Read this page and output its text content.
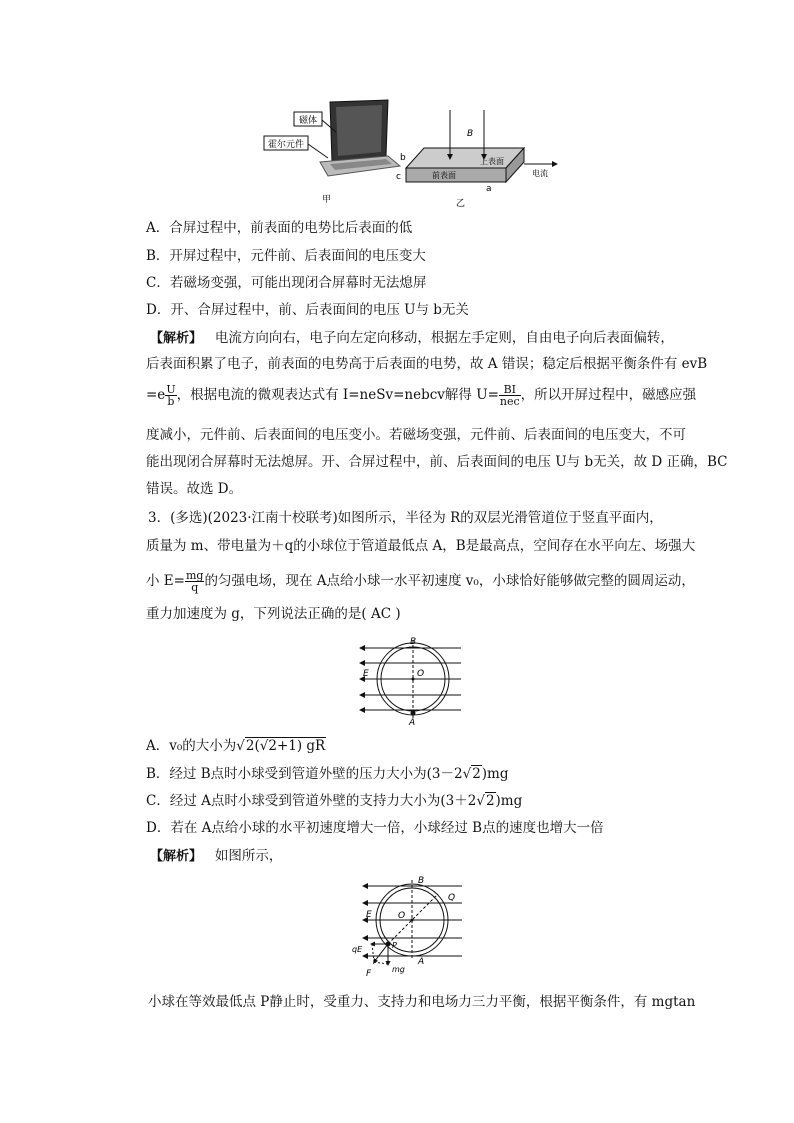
磁体
霍尔元件
甲
B
b
c
a
上表面
前表面	电流
乙
A．合屏过程中，前表面的电势比后表面的低
B．开屏过程中，元件前、后表面间的电压变大
C．若磁场变强，可能出现闭合屏幕时无法熄屏
D．开、合屏过程中，前、后表面间的电压 U与 b无关
【解析】 电流方向向右，电子向左定向移动，根据左手定则，自由电子向后表面偏转，
后表面积累了电子，前表面的电势高于后表面的电势，故 A 错误；稳定后根据平衡条件有 evB
$=e \frac{U}{b}$ ，根据电流的微观表达式有 I=neSv=nebcv解得 $U= \frac{BI}{\text{nec}}$ ，所以开屏过程中，磁感应强
度减小，元件前、后表面间的电压变小。若磁场变强，元件前、后表面间的电压变大，不可
能出现闭合屏幕时无法熄屏。开、合屏过程中，前、后表面间的电压 U与 b无关，故 D 正确，BC
错误。故选 D。
3．(多选)(2023·江南十校联考)如图所示，半径为 R的双层光滑管道位于竖直平面内，
质量为 m、带电量为＋q的小球位于管道最低点 A，B是最高点，空间存在水平向左、场强大
小 $E= \frac{mg}{q}$ 的匀强电场，现在 A点给小球一水平初速度 v₀，小球恰好能够做完整的圆周运动，
重力加速度为 g，下列说法正确的是( AC )
B
E	O
A
A．v₀的大小为√2(√2+1) gR
B．经过 B点时小球受到管道外壁的压力大小为(3－2√2)mg
C．经过 A点时小球受到管道外壁的支持力大小为(3＋2√2)mg
D．若在 A点给小球的水平初速度增大一倍，小球经过 B点的速度也增大一倍
【解析】 如图所示，
B
Q
E	O
qE	P
A
F	mg
小球在等效最低点 P静止时，受重力、支持力和电场力三力平衡，根据平衡条件，有 mgtan
